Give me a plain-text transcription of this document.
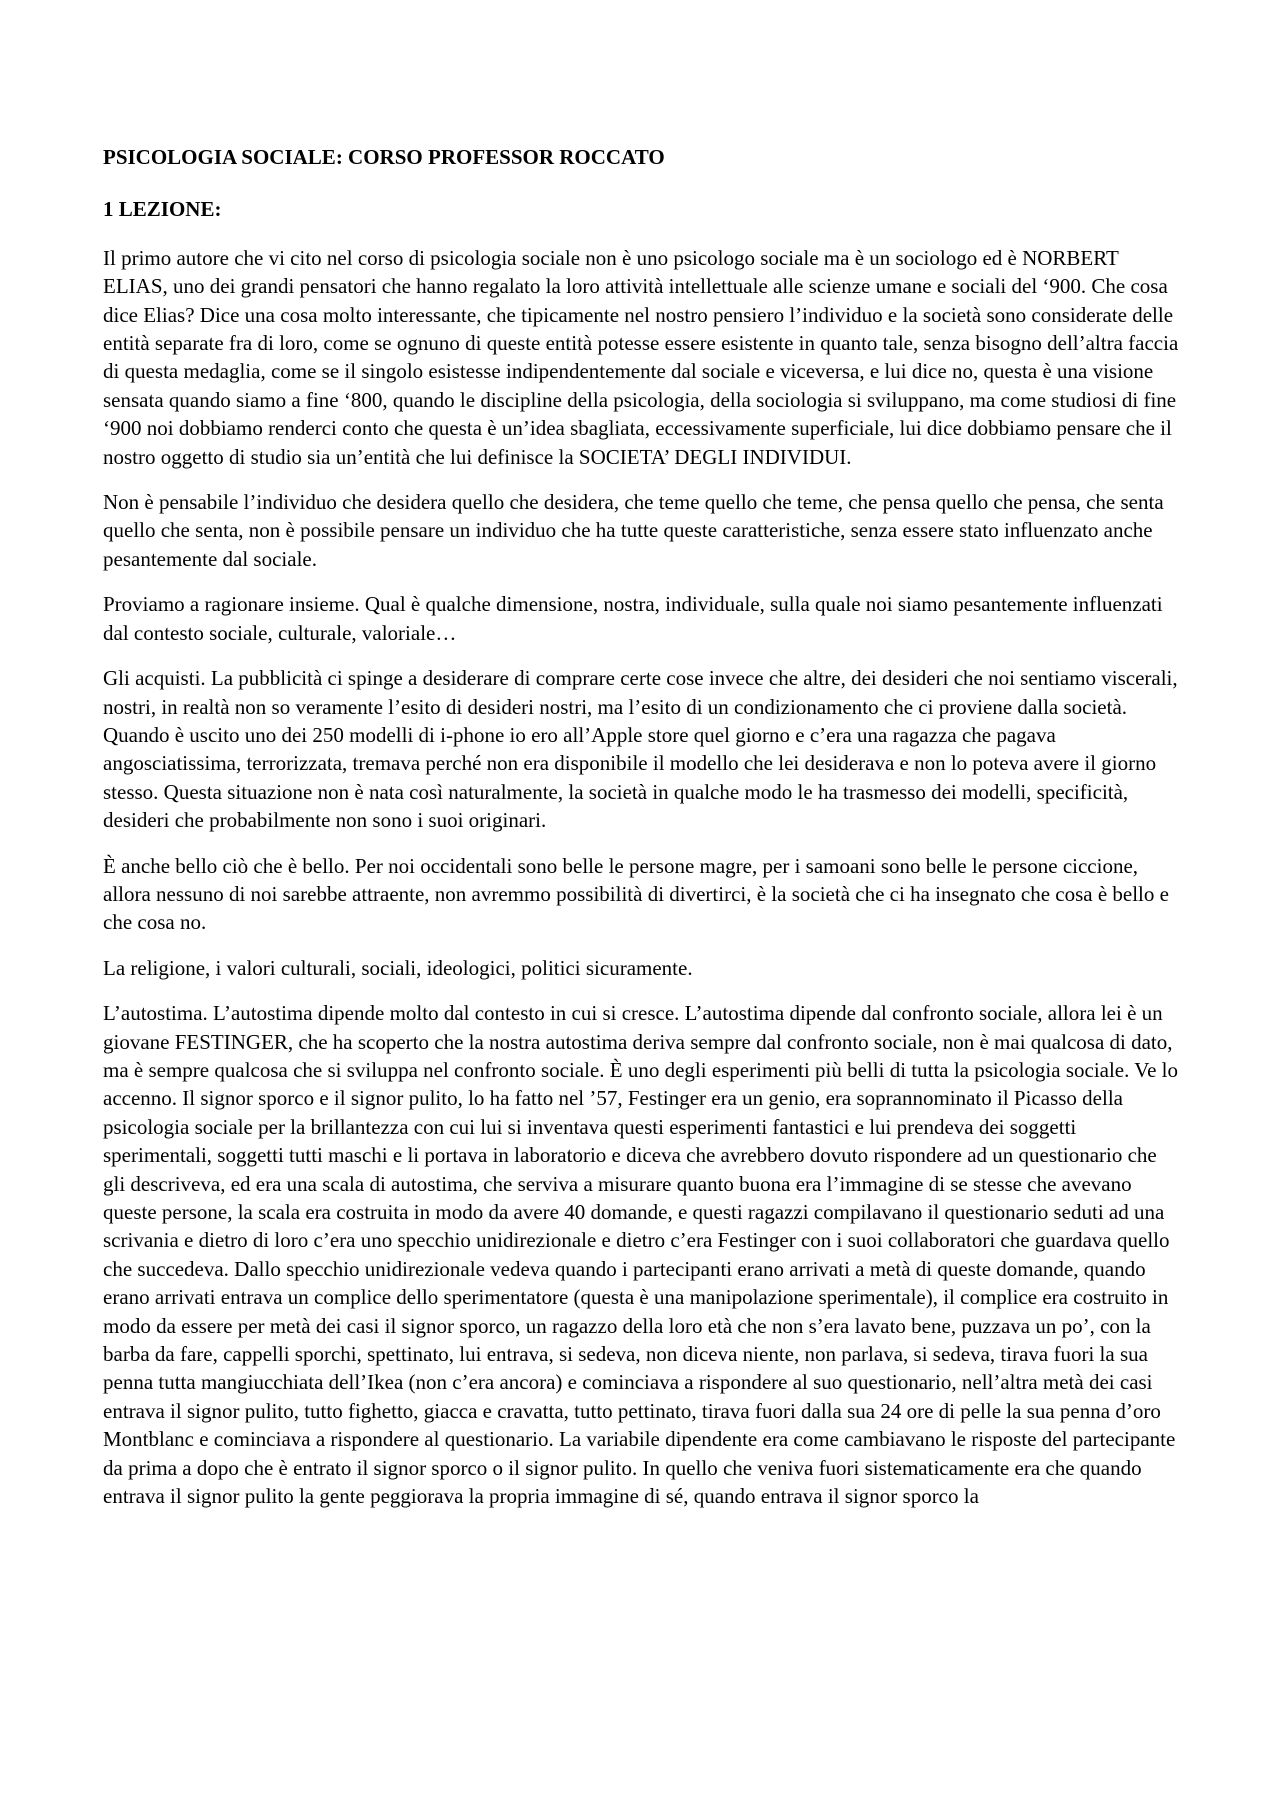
PSICOLOGIA SOCIALE: CORSO PROFESSOR ROCCATO
1 LEZIONE:

Il primo autore che vi cito nel corso di psicologia sociale non è uno psicologo sociale ma è un sociologo ed è NORBERT ELIAS, uno dei grandi pensatori che hanno regalato la loro attività intellettuale alle scienze umane e sociali del ‘900. Che cosa dice Elias? Dice una cosa molto interessante, che tipicamente nel nostro pensiero l’individuo e la società sono considerate delle entità separate fra di loro, come se ognuno di queste entità potesse essere esistente in quanto tale, senza bisogno dell’altra faccia di questa medaglia, come se il singolo esistesse indipendentemente dal sociale e viceversa, e lui dice no, questa è una visione sensata quando siamo a fine ‘800, quando le discipline della psicologia, della sociologia si sviluppano, ma come studiosi di fine ‘900 noi dobbiamo renderci conto che questa è un’idea sbagliata, eccessivamente superficiale, lui dice dobbiamo pensare che il nostro oggetto di studio sia un’entità che lui definisce la SOCIETA’ DEGLI INDIVIDUI.

Non è pensabile l’individuo che desidera quello che desidera, che teme quello che teme, che pensa quello che pensa, che senta quello che senta, non è possibile pensare un individuo che ha tutte queste caratteristiche, senza essere stato influenzato anche pesantemente dal sociale.

Proviamo a ragionare insieme. Qual è qualche dimensione, nostra, individuale, sulla quale noi siamo pesantemente influenzati dal contesto sociale, culturale, valoriale…

Gli acquisti. La pubblicità ci spinge a desiderare di comprare certe cose invece che altre, dei desideri che noi sentiamo viscerali, nostri, in realtà non so veramente l’esito di desideri nostri, ma l’esito di un condizionamento che ci proviene dalla società. Quando è uscito uno dei 250 modelli di i-phone io ero all’Apple store quel giorno e c’era una ragazza che pagava angosciatissima, terrorizzata, tremava perché non era disponibile il modello che lei desiderava e non lo poteva avere il giorno stesso. Questa situazione non è nata così naturalmente, la società in qualche modo le ha trasmesso dei modelli, specificità, desideri che probabilmente non sono i suoi originari.

È anche bello ciò che è bello. Per noi occidentali sono belle le persone magre, per i samoani sono belle le persone ciccione, allora nessuno di noi sarebbe attraente, non avremmo possibilità di divertirci, è la società che ci ha insegnato che cosa è bello e che cosa no.

La religione, i valori culturali, sociali, ideologici, politici sicuramente.

L’autostima. L’autostima dipende molto dal contesto in cui si cresce. L’autostima dipende dal confronto sociale, allora lei è un giovane FESTINGER, che ha scoperto che la nostra autostima deriva sempre dal confronto sociale, non è mai qualcosa di dato, ma è sempre qualcosa che si sviluppa nel confronto sociale. È uno degli esperimenti più belli di tutta la psicologia sociale. Ve lo accenno. Il signor sporco e il signor pulito, lo ha fatto nel ’57, Festinger era un genio, era soprannominato il Picasso della psicologia sociale per la brillantezza con cui lui si inventava questi esperimenti fantastici e lui prendeva dei soggetti sperimentali, soggetti tutti maschi e li portava in laboratorio e diceva che avrebbero dovuto rispondere ad un questionario che gli descriveva, ed era una scala di autostima, che serviva a misurare quanto buona era l’immagine di se stesse che avevano queste persone, la scala era costruita in modo da avere 40 domande, e questi ragazzi compilavano il questionario seduti ad una scrivania e dietro di loro c’era uno specchio unidirezionale e dietro c’era Festinger con i suoi collaboratori che guardava quello che succedeva. Dallo specchio unidirezionale vedeva quando i partecipanti erano arrivati a metà di queste domande, quando erano arrivati entrava un complice dello sperimentatore (questa è una manipolazione sperimentale), il complice era costruito in modo da essere per metà dei casi il signor sporco, un ragazzo della loro età che non s’era lavato bene, puzzava un po’, con la barba da fare, cappelli sporchi, spettinato, lui entrava, si sedeva, non diceva niente, non parlava, si sedeva, tirava fuori la sua penna tutta mangiucchiata dell’Ikea (non c’era ancora) e cominciava a rispondere al suo questionario, nell’altra metà dei casi entrava il signor pulito, tutto fighetto, giacca e cravatta, tutto pettinato, tirava fuori dalla sua 24 ore di pelle la sua penna d’oro Montblanc e cominciava a rispondere al questionario. La variabile dipendente era come cambiavano le risposte del partecipante da prima a dopo che è entrato il signor sporco o il signor pulito. In quello che veniva fuori sistematicamente era che quando entrava il signor pulito la gente peggiorava la propria immagine di sé, quando entrava il signor sporco la
